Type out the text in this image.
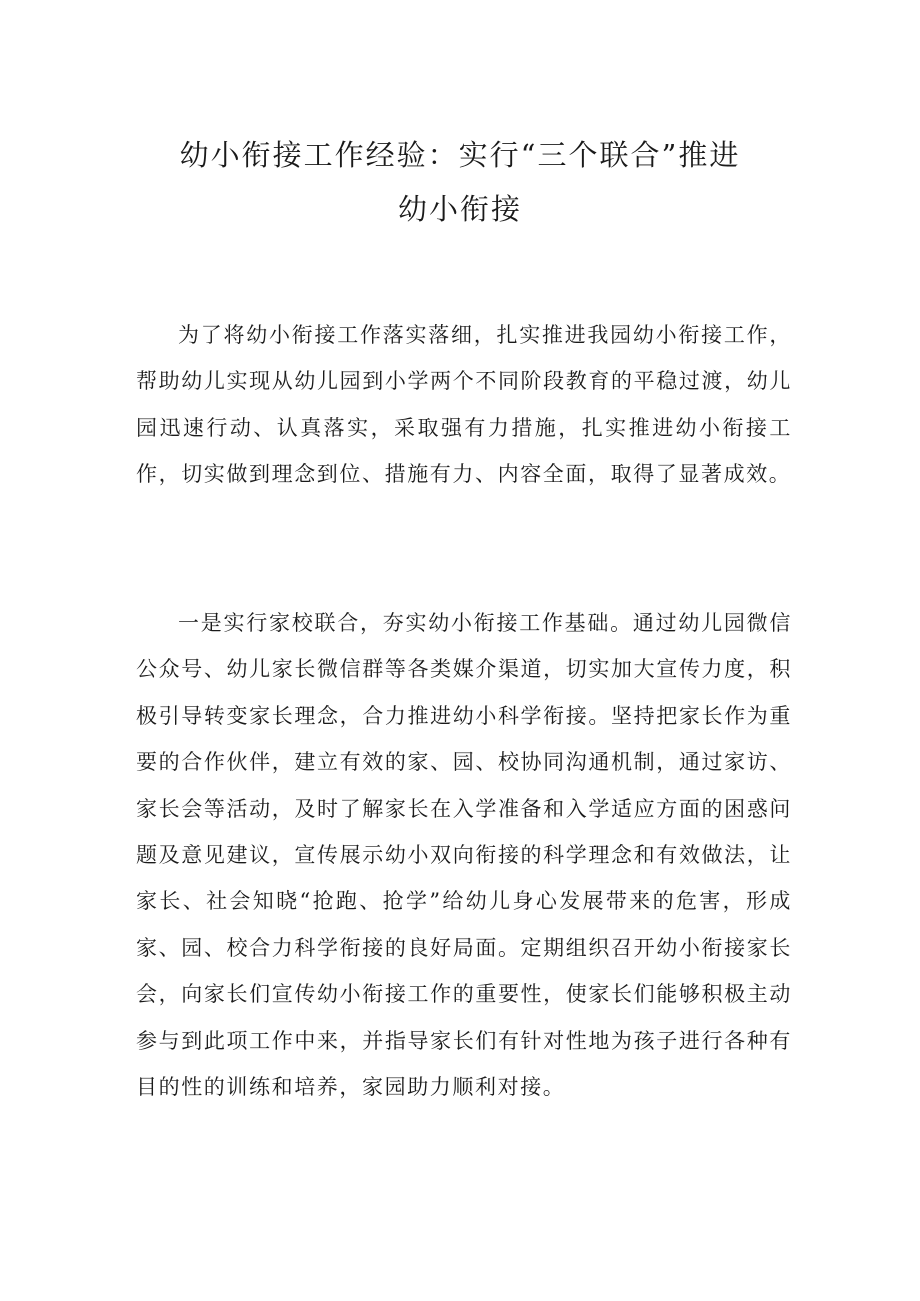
幼小衔接工作经验：实行“三个联合”推进
幼小衔接

为了将幼小衔接工作落实落细，扎实推进我园幼小衔接工作，帮助幼儿实现从幼儿园到小学两个不同阶段教育的平稳过渡，幼儿园迅速行动、认真落实，采取强有力措施，扎实推进幼小衔接工作，切实做到理念到位、措施有力、内容全面，取得了显著成效。

一是实行家校联合，夯实幼小衔接工作基础。通过幼儿园微信公众号、幼儿家长微信群等各类媒介渠道，切实加大宣传力度，积极引导转变家长理念，合力推进幼小科学衔接。坚持把家长作为重要的合作伙伴，建立有效的家、园、校协同沟通机制，通过家访、家长会等活动，及时了解家长在入学准备和入学适应方面的困惑问题及意见建议，宣传展示幼小双向衔接的科学理念和有效做法，让家长、社会知晓“抢跑、抢学”给幼儿身心发展带来的危害，形成家、园、校合力科学衔接的良好局面。定期组织召开幼小衔接家长会，向家长们宣传幼小衔接工作的重要性，使家长们能够积极主动参与到此项工作中来，并指导家长们有针对性地为孩子进行各种有目的性的训练和培养，家园助力顺利对接。
